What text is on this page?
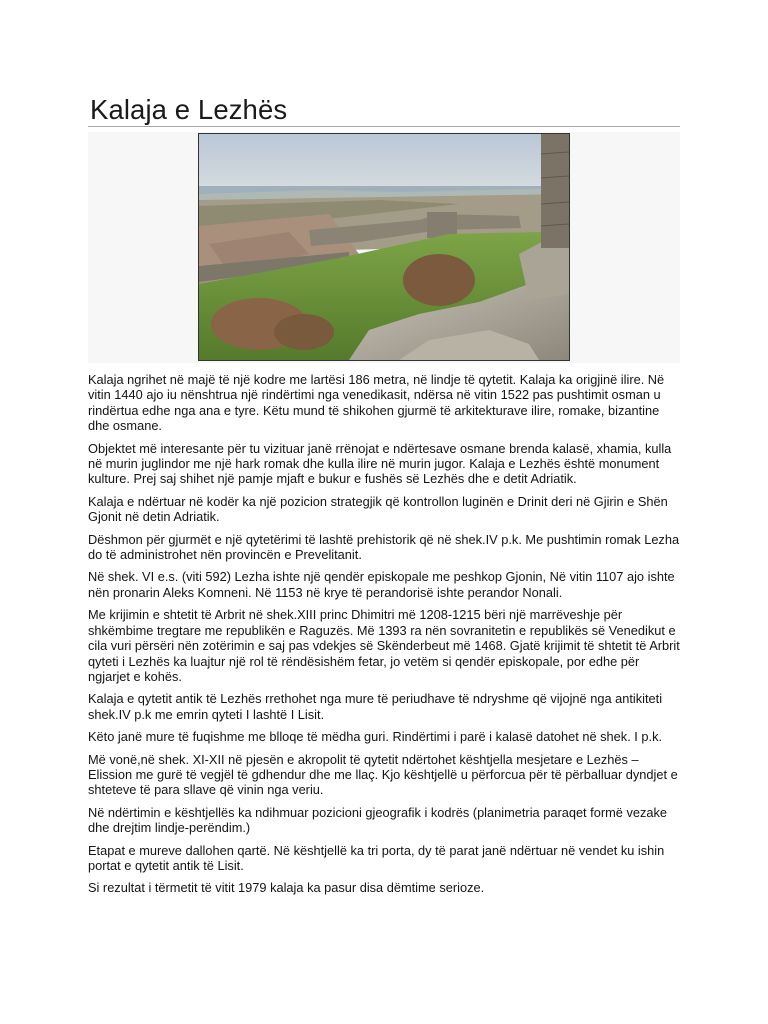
Kalaja e Lezhës

Kalaja ngrihet në majë të një kodre me lartësi 186 metra, në lindje të qytetit. Kalaja ka origjinë ilire. Në vitin 1440 ajo iu nënshtrua një rindërtimi nga venedikasit, ndërsa në vitin 1522 pas pushtimit osman u rindërtua edhe nga ana e tyre. Këtu mund të shikohen gjurmë të arkitekturave ilire, romake, bizantine dhe osmane.

Objektet më interesante për tu vizituar janë rrënojat e ndërtesave osmane brenda kalasë, xhamia, kulla në murin juglindor me një hark romak dhe kulla ilire në murin jugor. Kalaja e Lezhës është monument kulture. Prej saj shihet një pamje mjaft e bukur e fushës së Lezhës dhe e detit Adriatik.

Kalaja e ndërtuar në kodër ka një pozicion strategjik që kontrollon luginën e Drinit deri në Gjirin e Shën Gjonit në detin Adriatik.

Dëshmon për gjurmët e një qytetërimi të lashtë prehistorik që në shek.IV p.k. Me pushtimin romak Lezha do të administrohet nën provincën e Prevelitanit.

Në shek. VI e.s. (viti 592) Lezha ishte një qendër episkopale me peshkop Gjonin, Në vitin 1107 ajo ishte nën pronarin Aleks Komneni. Në 1153 në krye të perandorisë ishte perandor Nonali.

Me krijimin e shtetit të Arbrit në shek.XIII princ Dhimitri më 1208-1215 bëri një marrëveshje për shkëmbime tregtare me republikën e Raguzës. Më 1393 ra nën sovranitetin e republikës së Venedikut e cila vuri përsëri nën zotërimin e saj pas vdekjes së Skënderbeut më 1468. Gjatë krijimit të shtetit të Arbrit qyteti i Lezhës ka luajtur një rol të rëndësishëm fetar, jo vetëm si qendër episkopale, por edhe për ngjarjet e kohës.

Kalaja e qytetit antik të Lezhës rrethohet nga mure të periudhave të ndryshme që vijojnë nga antikiteti shek.IV p.k me emrin qyteti I lashtë I Lisit.

Këto janë mure të fuqishme me blloqe të mëdha guri. Rindërtimi i parë i kalasë datohet në shek. I p.k.

Më vonë,në shek. XI-XII në pjesën e akropolit të qytetit ndërtohet kështjella mesjetare e Lezhës – Elission me gurë të vegjël të gdhendur dhe me llaç. Kjo kështjellë u përforcua për të përballuar dyndjet e shteteve të para sllave që vinin nga veriu.

Në ndërtimin e kështjellës ka ndihmuar pozicioni gjeografik i kodrës (planimetria paraqet formë vezake dhe drejtim lindje-perëndim.)

Etapat e mureve dallohen qartë. Në kështjellë ka tri porta, dy të parat janë ndërtuar në vendet ku ishin portat e qytetit antik të Lisit.

Si rezultat i tërmetit të vitit 1979 kalaja ka pasur disa dëmtime serioze.
